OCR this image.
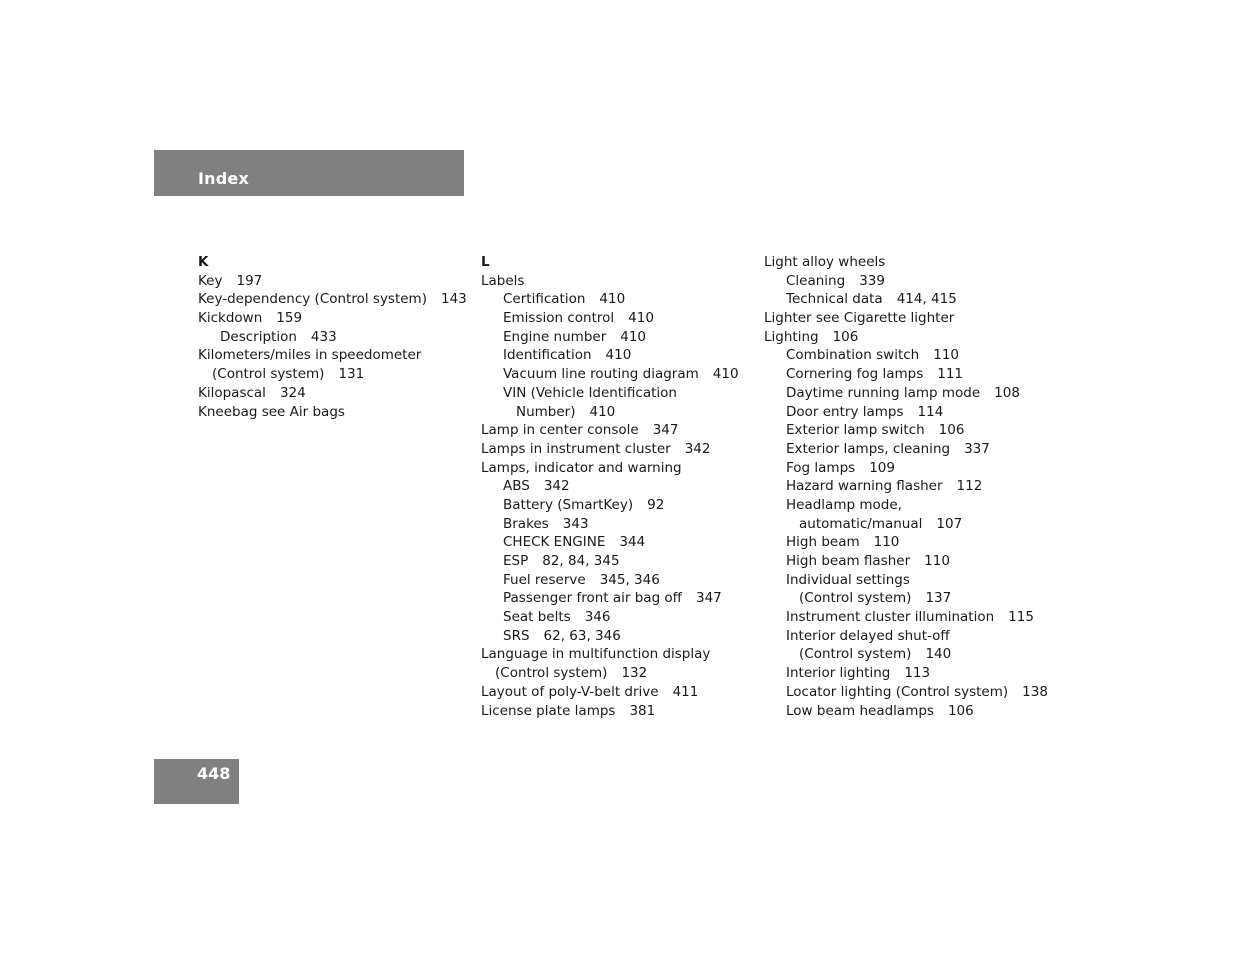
Index
K
Key 197
Key-dependency (Control system) 143
Kickdown 159
Description 433
Kilometers/miles in speedometer
(Control system) 131
Kilopascal 324
Kneebag see Air bags
L
Labels
Certification 410
Emission control 410
Engine number 410
Identification 410
Vacuum line routing diagram 410
VIN (Vehicle Identification
Number) 410
Lamp in center console 347
Lamps in instrument cluster 342
Lamps, indicator and warning
ABS 342
Battery (SmartKey) 92
Brakes 343
CHECK ENGINE 344
ESP 82, 84, 345
Fuel reserve 345, 346
Passenger front air bag off 347
Seat belts 346
SRS 62, 63, 346
Language in multifunction display
(Control system) 132
Layout of poly-V-belt drive 411
License plate lamps 381
Light alloy wheels
Cleaning 339
Technical data 414, 415
Lighter see Cigarette lighter
Lighting 106
Combination switch 110
Cornering fog lamps 111
Daytime running lamp mode 108
Door entry lamps 114
Exterior lamp switch 106
Exterior lamps, cleaning 337
Fog lamps 109
Hazard warning flasher 112
Headlamp mode,
automatic/manual 107
High beam 110
High beam flasher 110
Individual settings
(Control system) 137
Instrument cluster illumination 115
Interior delayed shut-off
(Control system) 140
Interior lighting 113
Locator lighting (Control system) 138
Low beam headlamps 106
448
